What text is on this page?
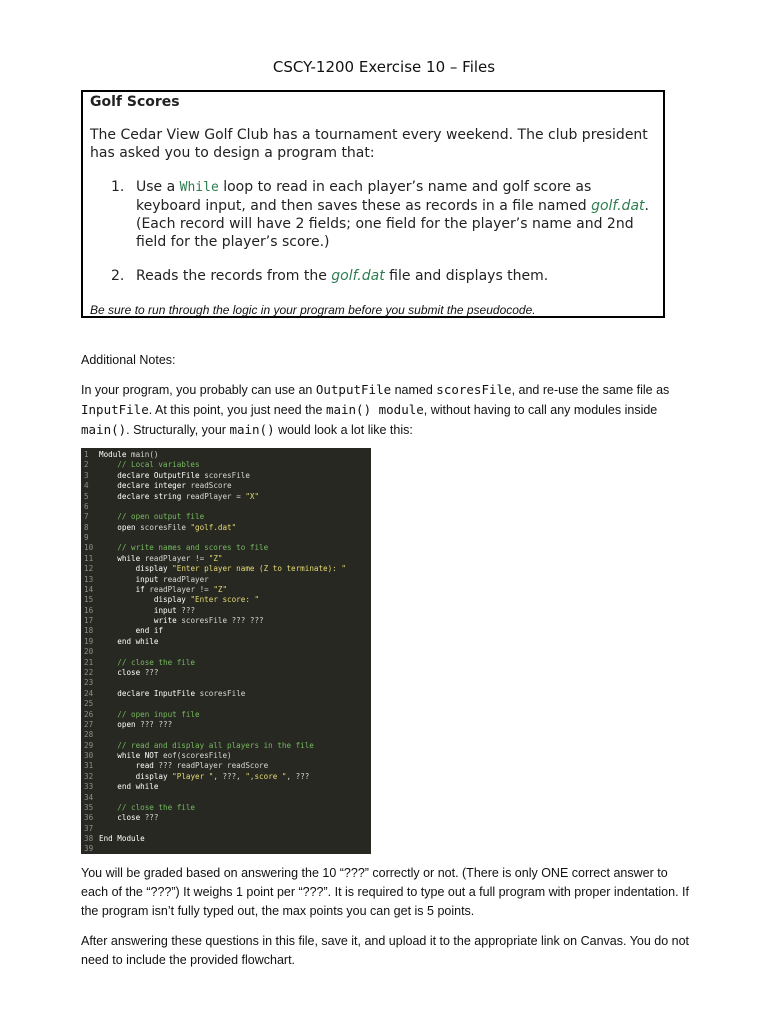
CSCY-1200 Exercise 10 – Files
Golf Scores
The Cedar View Golf Club has a tournament every weekend. The club president has asked you to design a program that:
1. Use a While loop to read in each player’s name and golf score as keyboard input, and then saves these as records in a file named golf.dat. (Each record will have 2 fields; one field for the player’s name and 2nd field for the player’s score.)
2. Reads the records from the golf.dat file and displays them.
Be sure to run through the logic in your program before you submit the pseudocode.
Additional Notes:
In your program, you probably can use an OutputFile named scoresFile, and re-use the same file as InputFile. At this point, you just need the main() module, without having to call any modules inside main(). Structurally, your main() would look a lot like this:
1 Module main()
2    // Local variables
3	declare OutputFile scoresFile
4	declare integer readScore
5	declare string readPlayer = "X"
6
7    // open output file
8	open scoresFile "golf.dat"
9
10    // write names and scores to file
11	while readPlayer != "Z"
12	display "Enter player name (Z to terminate): "
13	input readPlayer
14	if readPlayer != "Z"
15	display "Enter score: "
16	input ???
17	write scoresFile ??? ???
18	end if
19	end while
20
21    // close the file
22	close ???
23
24	declare InputFile scoresFile
25
26    // open input file
27	open ??? ???
28
29    // read and display all players in the file
30	while NOT eof(scoresFile)
31	read ??? readPlayer readScore
32	display "Player ", ???, ",score ", ???
33	end while
34
35    // close the file
36	close ???
37
38 End Module
39
You will be graded based on answering the 10 “???” correctly or not. (There is only ONE correct answer to each of the “???”) It weighs 1 point per “???”. It is required to type out a full program with proper indentation. If the program isn’t fully typed out, the max points you can get is 5 points.
After answering these questions in this file, save it, and upload it to the appropriate link on Canvas. You do not need to include the provided flowchart.
